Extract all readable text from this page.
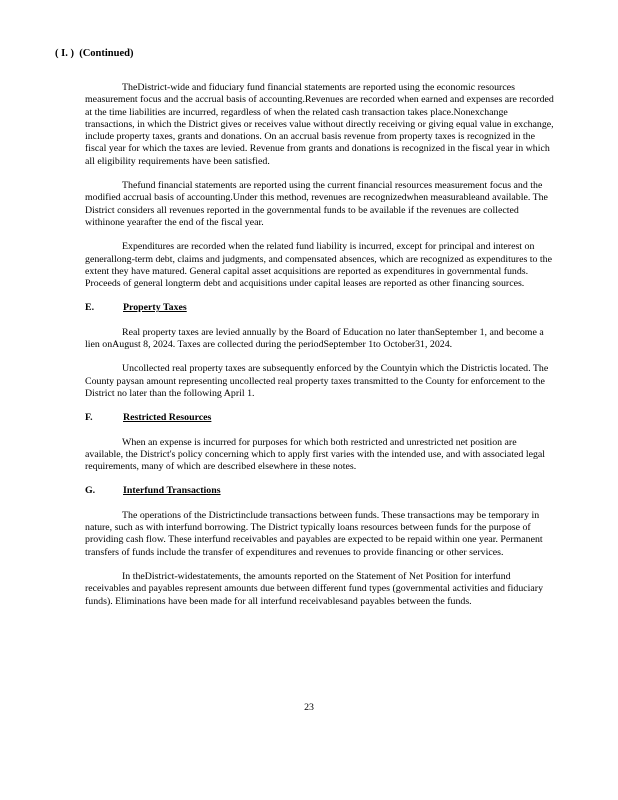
( I. )  (Continued)

TheDistrict-wide and fiduciary fund financial statements are reported using the economic resources measurement focus and the accrual basis of accounting.Revenues are recorded when earned and expenses are recorded at the time liabilities are incurred, regardless of when the related cash transaction takes place.Nonexchange transactions, in which the District gives or receives value without directly receiving or giving equal value in exchange, include property taxes, grants and donations. On an accrual basis revenue from property taxes is recognized in the fiscal year for which the taxes are levied. Revenue from grants and donations is recognized in the fiscal year in which all eligibility requirements have been satisfied.

Thefund financial statements are reported using the current financial resources measurement focus and the modified accrual basis of accounting.Under this method, revenues are recognizedwhen measurableand available. The District considers all revenues reported in the governmental funds to be available if the revenues are collected withinone yearafter the end of the fiscal year.

Expenditures are recorded when the related fund liability is incurred, except for principal and interest on generallong-term debt, claims and judgments, and compensated absences, which are recognized as expenditures to the extent they have matured. General capital asset acquisitions are reported as expenditures in governmental funds. Proceeds of general longterm debt and acquisitions under capital leases are reported as other financing sources.

E.	Property Taxes

Real property taxes are levied annually by the Board of Education no later thanSeptember 1, and become a lien onAugust 8, 2024. Taxes are collected during the periodSeptember 1to October31, 2024.

Uncollected real property taxes are subsequently enforced by the Countyin which the Districtis located. The County paysan amount representing uncollected real property taxes transmitted to the County for enforcement to the District no later than the following April 1.

F.	Restricted Resources

When an expense is incurred for purposes for which both restricted and unrestricted net position are available, the District's policy concerning which to apply first varies with the intended use, and with associated legal requirements, many of which are described elsewhere in these notes.

G.	Interfund Transactions

The operations of the Districtinclude transactions between funds. These transactions may be temporary in nature, such as with interfund borrowing. The District typically loans resources between funds for the purpose of providing cash flow. These interfund receivables and payables are expected to be repaid within one year. Permanent transfers of funds include the transfer of expenditures and revenues to provide financing or other services.

In theDistrict-widestatements, the amounts reported on the Statement of Net Position for interfund receivables and payables represent amounts due between different fund types (governmental activities and fiduciary funds). Eliminations have been made for all interfund receivablesand payables between the funds.

23
